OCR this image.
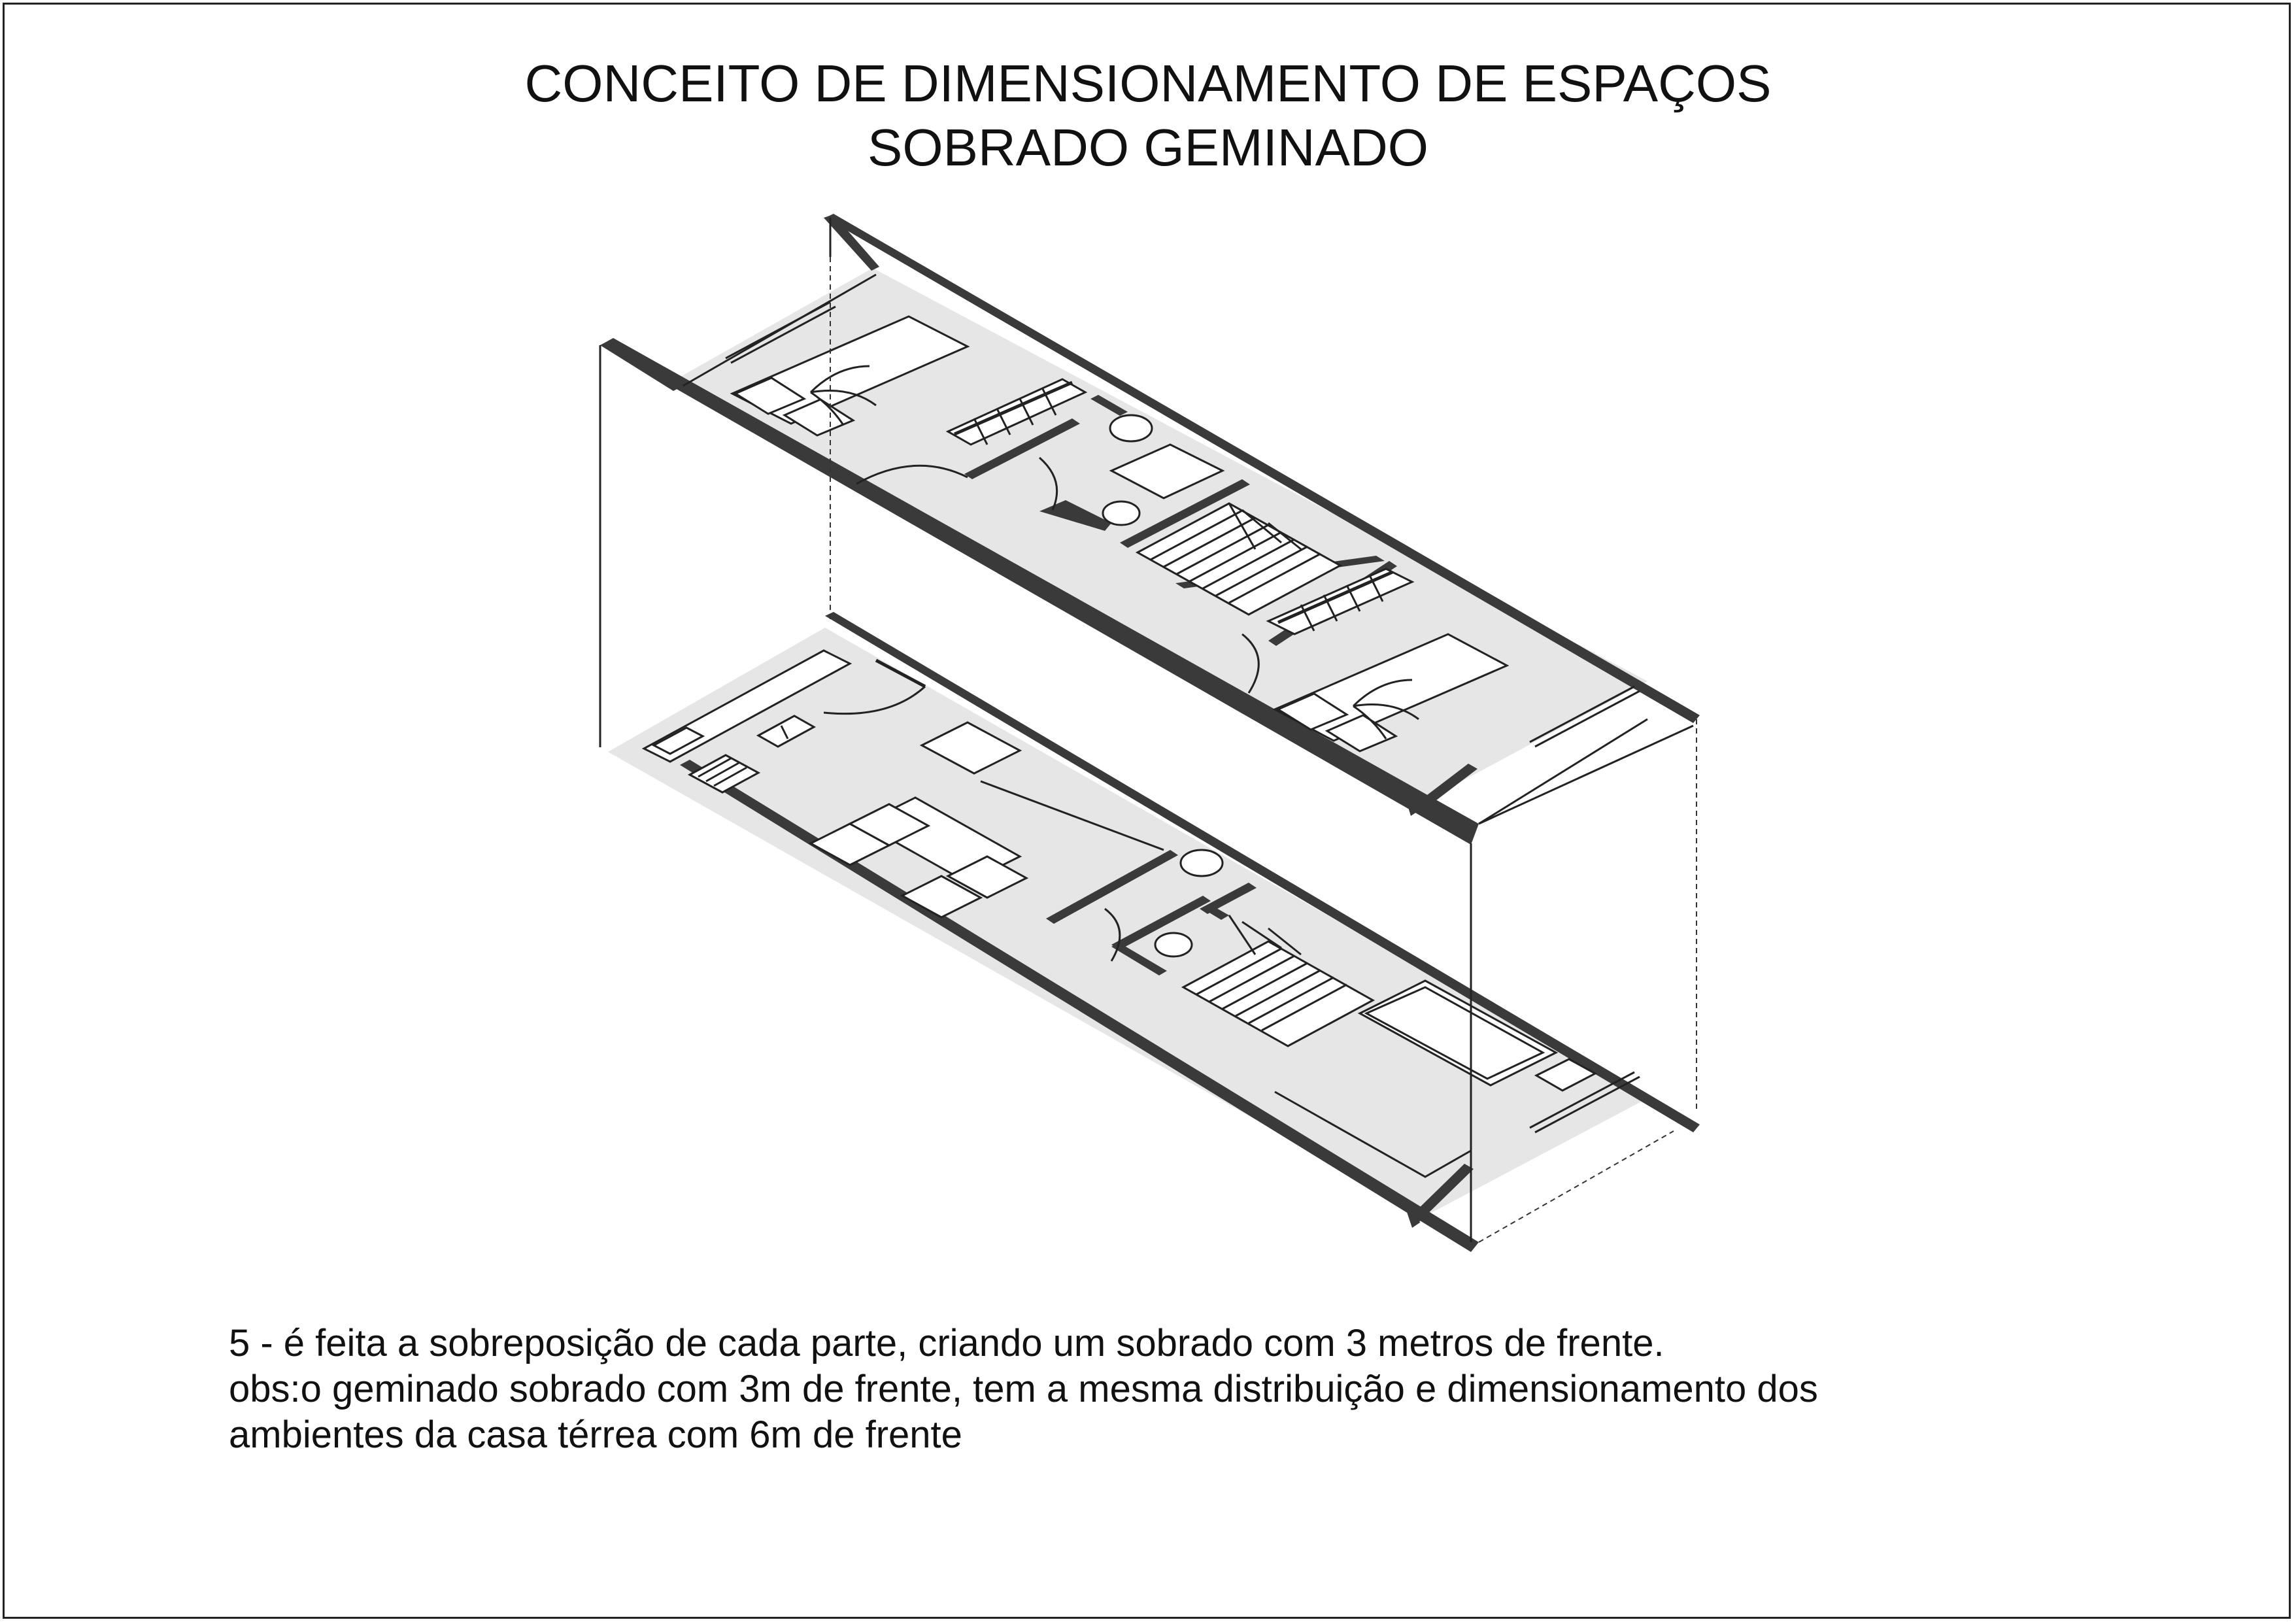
CONCEITO DE DIMENSIONAMENTO DE ESPAÇOS
SOBRADO GEMINADO
5 - é feita a sobreposição de cada parte, criando um sobrado com 3 metros de frente.
obs:o geminado sobrado com 3m de frente, tem a mesma distribuição e dimensionamento dos
ambientes da casa térrea com 6m de frente
